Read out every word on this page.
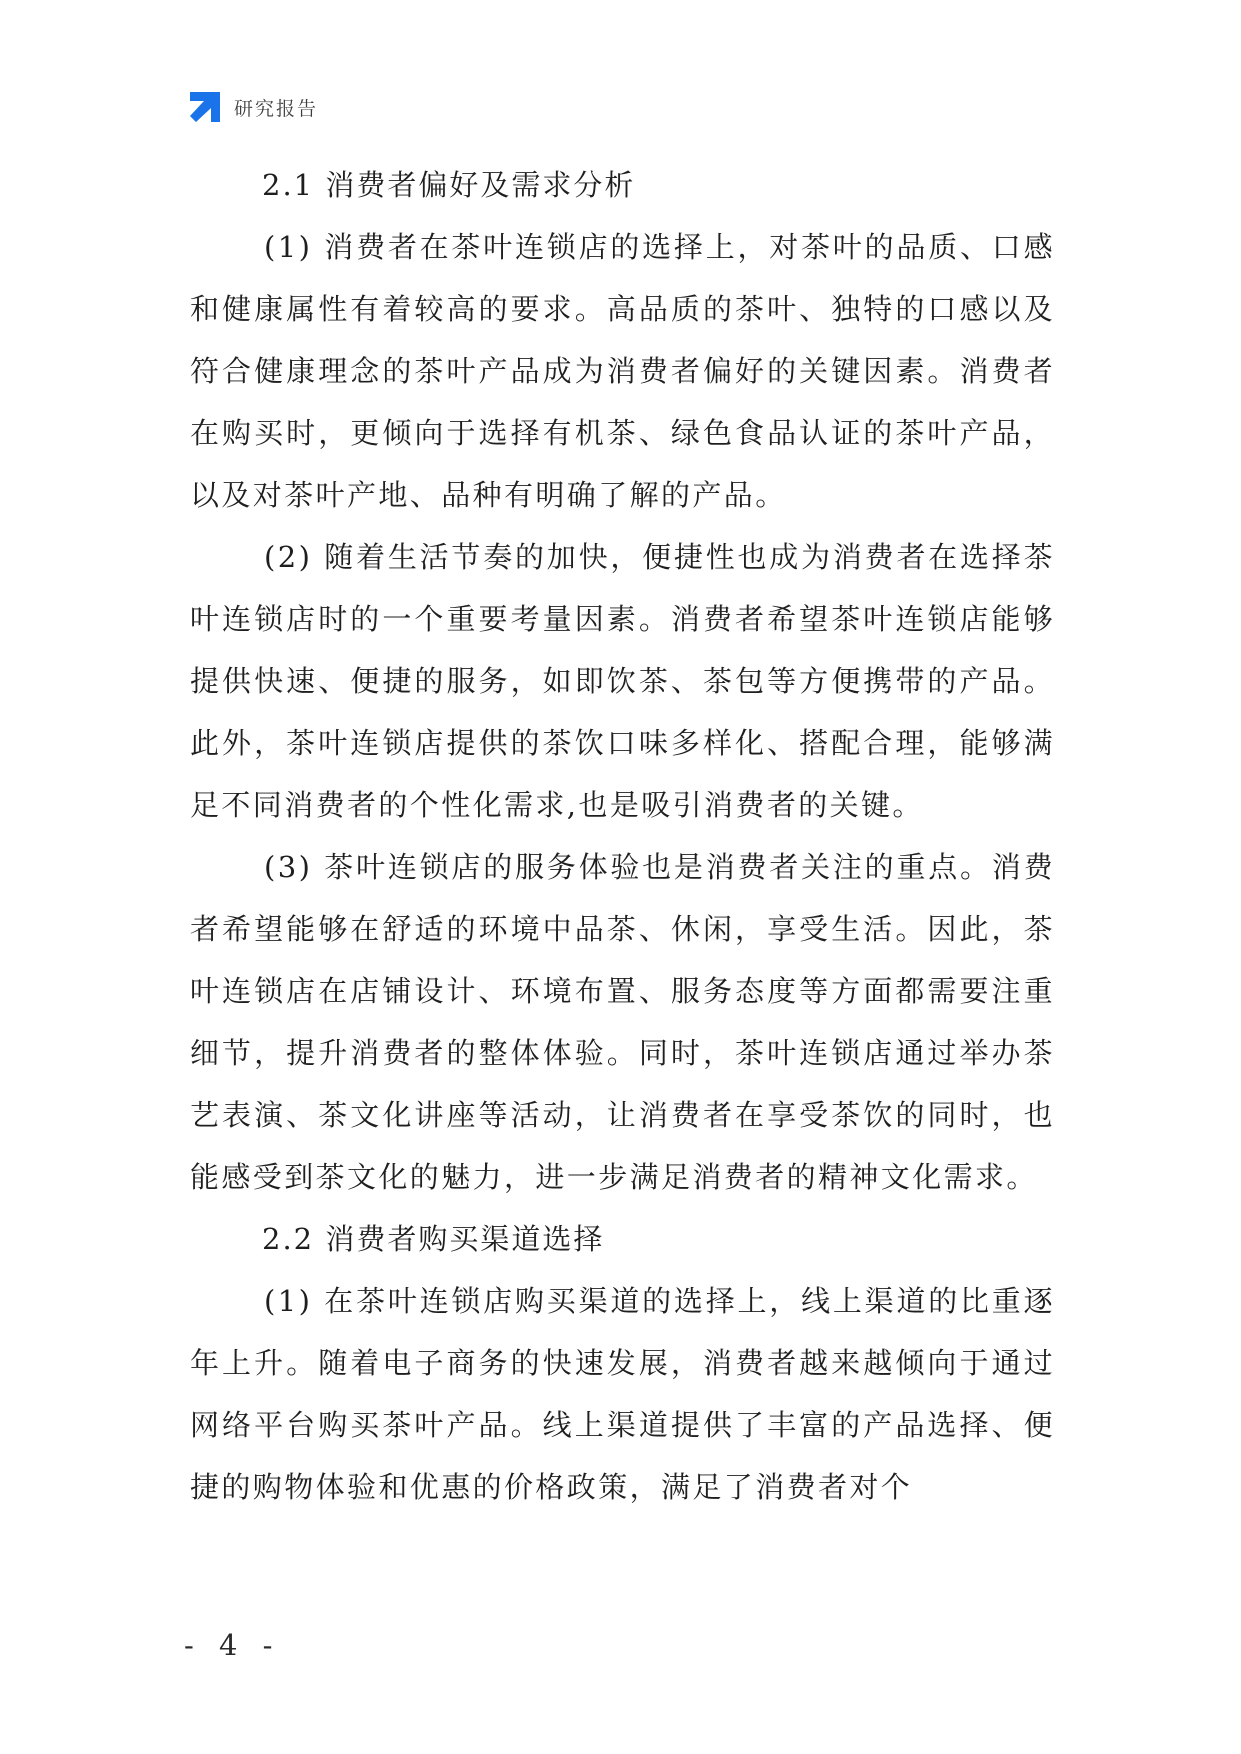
研究报告
2.1 消费者偏好及需求分析

(1) 消费者在茶叶连锁店的选择上，对茶叶的品质、口感和健康属性有着较高的要求。高品质的茶叶、独特的口感以及符合健康理念的茶叶产品成为消费者偏好的关键因素。消费者在购买时，更倾向于选择有机茶、绿色食品认证的茶叶产品，以及对茶叶产地、品种有明确了解的产品。

(2) 随着生活节奏的加快，便捷性也成为消费者在选择茶叶连锁店时的一个重要考量因素。消费者希望茶叶连锁店能够提供快速、便捷的服务，如即饮茶、茶包等方便携带的产品。此外，茶叶连锁店提供的茶饮口味多样化、搭配合理，能够满足不同消费者的个性化需求,也是吸引消费者的关键。

(3) 茶叶连锁店的服务体验也是消费者关注的重点。消费者希望能够在舒适的环境中品茶、休闲，享受生活。因此，茶叶连锁店在店铺设计、环境布置、服务态度等方面都需要注重细节，提升消费者的整体体验。同时，茶叶连锁店通过举办茶艺表演、茶文化讲座等活动，让消费者在享受茶饮的同时，也能感受到茶文化的魅力，进一步满足消费者的精神文化需求。

2.2 消费者购买渠道选择

(1) 在茶叶连锁店购买渠道的选择上，线上渠道的比重逐年上升。随着电子商务的快速发展，消费者越来越倾向于通过网络平台购买茶叶产品。线上渠道提供了丰富的产品选择、便捷的购物体验和优惠的价格政策，满足了消费者对个

- 4 -
